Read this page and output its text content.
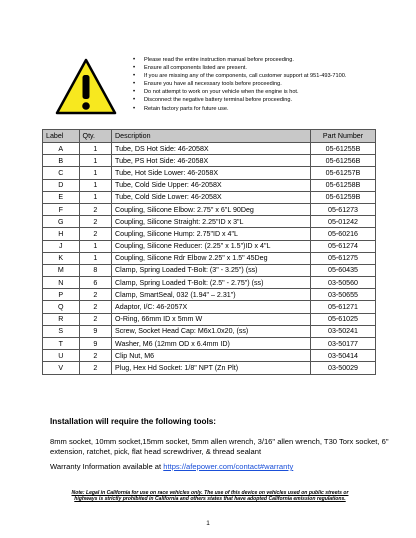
• Please read the entire instruction manual before proceeding.
• Ensure all components listed are present.
• If you are missing any of the components, call customer support at 951-493-7100.
• Ensure you have all necessary tools before proceeding.
• Do not attempt to work on your vehicle when the engine is hot.
• Disconnect the negative battery terminal before proceeding.
• Retain factory parts for future use.
Label	Qty.	Description	Part Number
A	1	Tube, DS Hot Side: 46-2058X	05-61255B
B	1	Tube, PS Hot Side: 46-2058X	05-61256B
C	1	Tube, Hot Side Lower: 46-2058X	05-61257B
D	1	Tube, Cold Side Upper: 46-2058X	05-61258B
E	1	Tube, Cold Side Lower: 46-2058X	05-61259B
F	2	Coupling, Silicone Elbow: 2.75" x 6"L 90Deg	05-61273
G	2	Coupling, Silicone Straight: 2.25"ID x 3"L	05-01242
H	2	Coupling, Silicone Hump: 2.75"ID x 4"L	05-60216
J	1	Coupling, Silicone Reducer: (2.25" x 1.5")ID x 4"L	05-61274
K	1	Coupling, Silicone Rdr Elbow 2.25" x 1.5" 45Deg	05-61275
M	8	Clamp, Spring Loaded T-Bolt: (3" - 3.25") (ss)	05-60435
N	6	Clamp, Spring Loaded T-Bolt: (2.5" - 2.75") (ss)	03-50560
P	2	Clamp, SmartSeal, 032 (1.94" – 2.31")	03-50655
Q	2	Adaptor, I/C: 46-2057X	05-61271
R	2	O-Ring, 66mm ID x 5mm W	05-61025
S	9	Screw, Socket Head Cap: M6x1.0x20, (ss)	03-50241
T	9	Washer, M6 (12mm OD x 6.4mm ID)	03-50177
U	2	Clip Nut, M6	03-50414
V	2	Plug, Hex Hd Socket: 1/8" NPT (Zn Plt)	03-50029
Installation will require the following tools:
8mm socket, 10mm socket,15mm socket, 5mm allen wrench, 3/16" allen wrench, T30 Torx socket, 6" extension, ratchet, pick, flat head screwdriver, & thread sealant
Warranty Information available at https://afepower.com/contact#warranty
Note: Legal in California for use on race vehicles only. The use of this device on vehicles used on public streets or highways is strictly prohibited in California and others states that have adopted California emission regulations.
1
